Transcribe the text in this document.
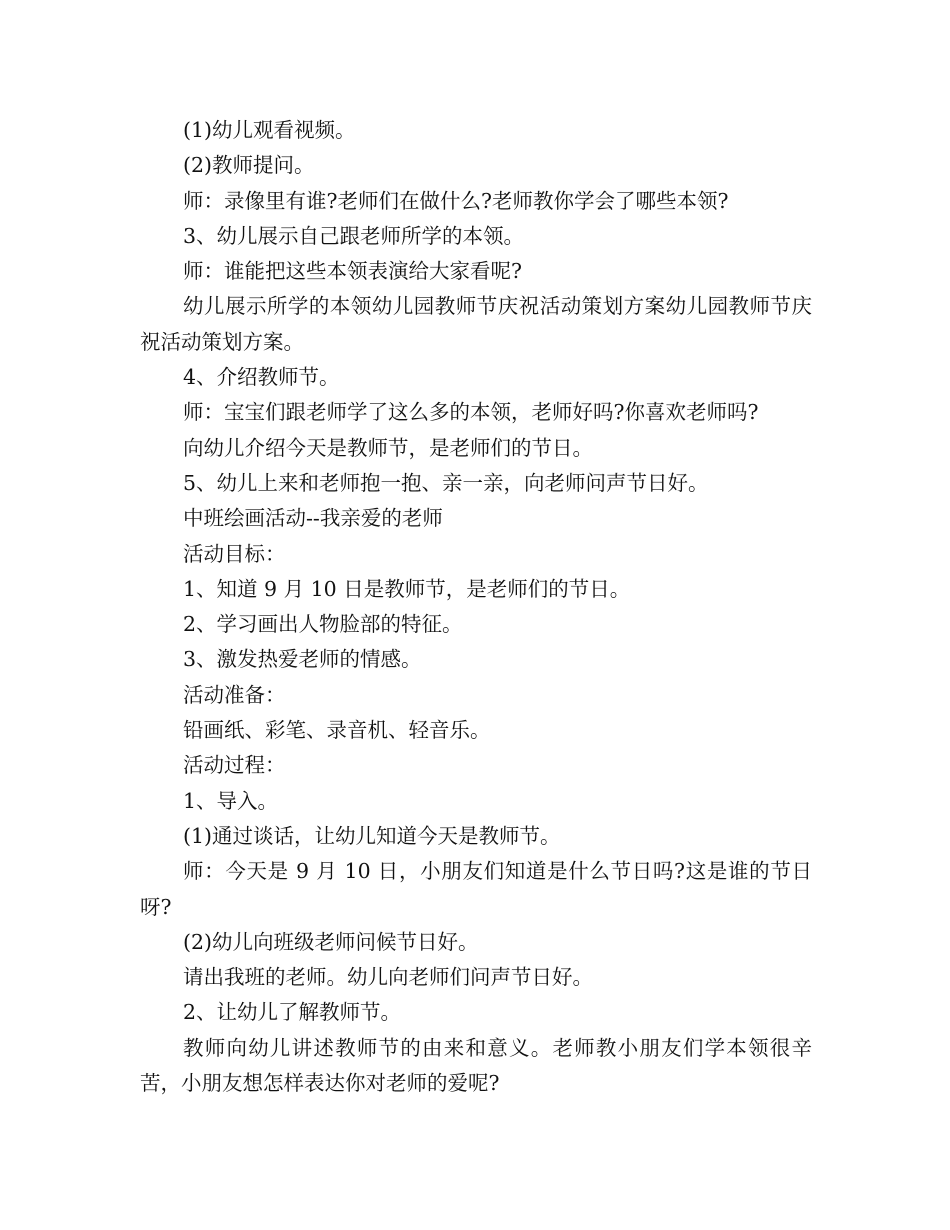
(1)幼儿观看视频。

(2)教师提问。

师：录像里有谁?老师们在做什么?老师教你学会了哪些本领?

3、幼儿展示自己跟老师所学的本领。

师：谁能把这些本领表演给大家看呢?

幼儿展示所学的本领幼儿园教师节庆祝活动策划方案幼儿园教师节庆祝活动策划方案。

4、介绍教师节。

师：宝宝们跟老师学了这么多的本领，老师好吗?你喜欢老师吗?

向幼儿介绍今天是教师节，是老师们的节日。

5、幼儿上来和老师抱一抱、亲一亲，向老师问声节日好。

中班绘画活动--我亲爱的老师

活动目标：

1、知道 9 月 10 日是教师节，是老师们的节日。

2、学习画出人物脸部的特征。

3、激发热爱老师的情感。

活动准备：

铅画纸、彩笔、录音机、轻音乐。

活动过程：

1、导入。

(1)通过谈话，让幼儿知道今天是教师节。

师：今天是 9 月 10 日，小朋友们知道是什么节日吗?这是谁的节日呀?

(2)幼儿向班级老师问候节日好。

请出我班的老师。幼儿向老师们问声节日好。

2、让幼儿了解教师节。

教师向幼儿讲述教师节的由来和意义。老师教小朋友们学本领很辛苦，小朋友想怎样表达你对老师的爱呢?
